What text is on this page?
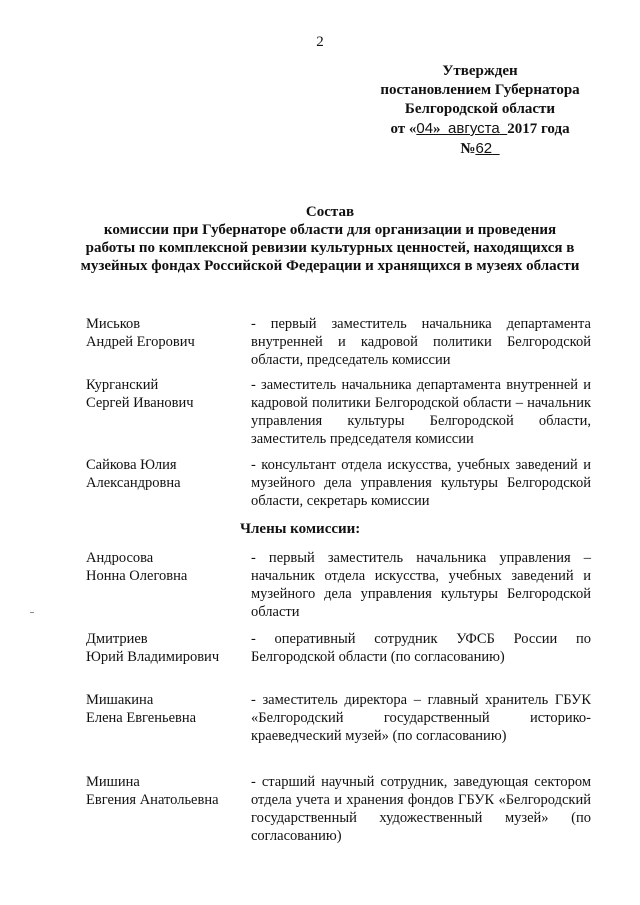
2
Утвержден
постановлением Губернатора
Белгородской области
от «04» августа 2017 года
№62
Состав
комиссии при Губернаторе области для организации и проведения
работы по комплексной ревизии культурных ценностей, находящихся в
музейных фондах Российской Федерации и хранящихся в музеях области
Миськов
Андрей Егорович
- первый заместитель начальника департамента внутренней и кадровой политики Белгородской области, председатель комиссии
Курганский
Сергей Иванович
- заместитель начальника департамента внутренней и кадровой политики Белгородской области – начальник управления культуры Белгородской области, заместитель председателя комиссии
Сайкова Юлия
Александровна
- консультант отдела искусства, учебных заведений и музейного дела управления культуры Белгородской области, секретарь комиссии
Андросова
Нонна Олеговна
- первый заместитель начальника управления – начальник отдела искусства, учебных заведений и музейного дела управления культуры Белгородской области
Дмитриев
Юрий Владимирович
- оперативный сотрудник УФСБ России по Белгородской области (по согласованию)
Мишакина
Елена Евгеньевна
- заместитель директора – главный хранитель ГБУК «Белгородский государственный историко-краеведческий музей» (по согласованию)
Мишина
Евгения Анатольевна
- старший научный сотрудник, заведующая сектором отдела учета и хранения фондов ГБУК «Белгородский государственный художественный музей» (по согласованию)
Члены комиссии:
